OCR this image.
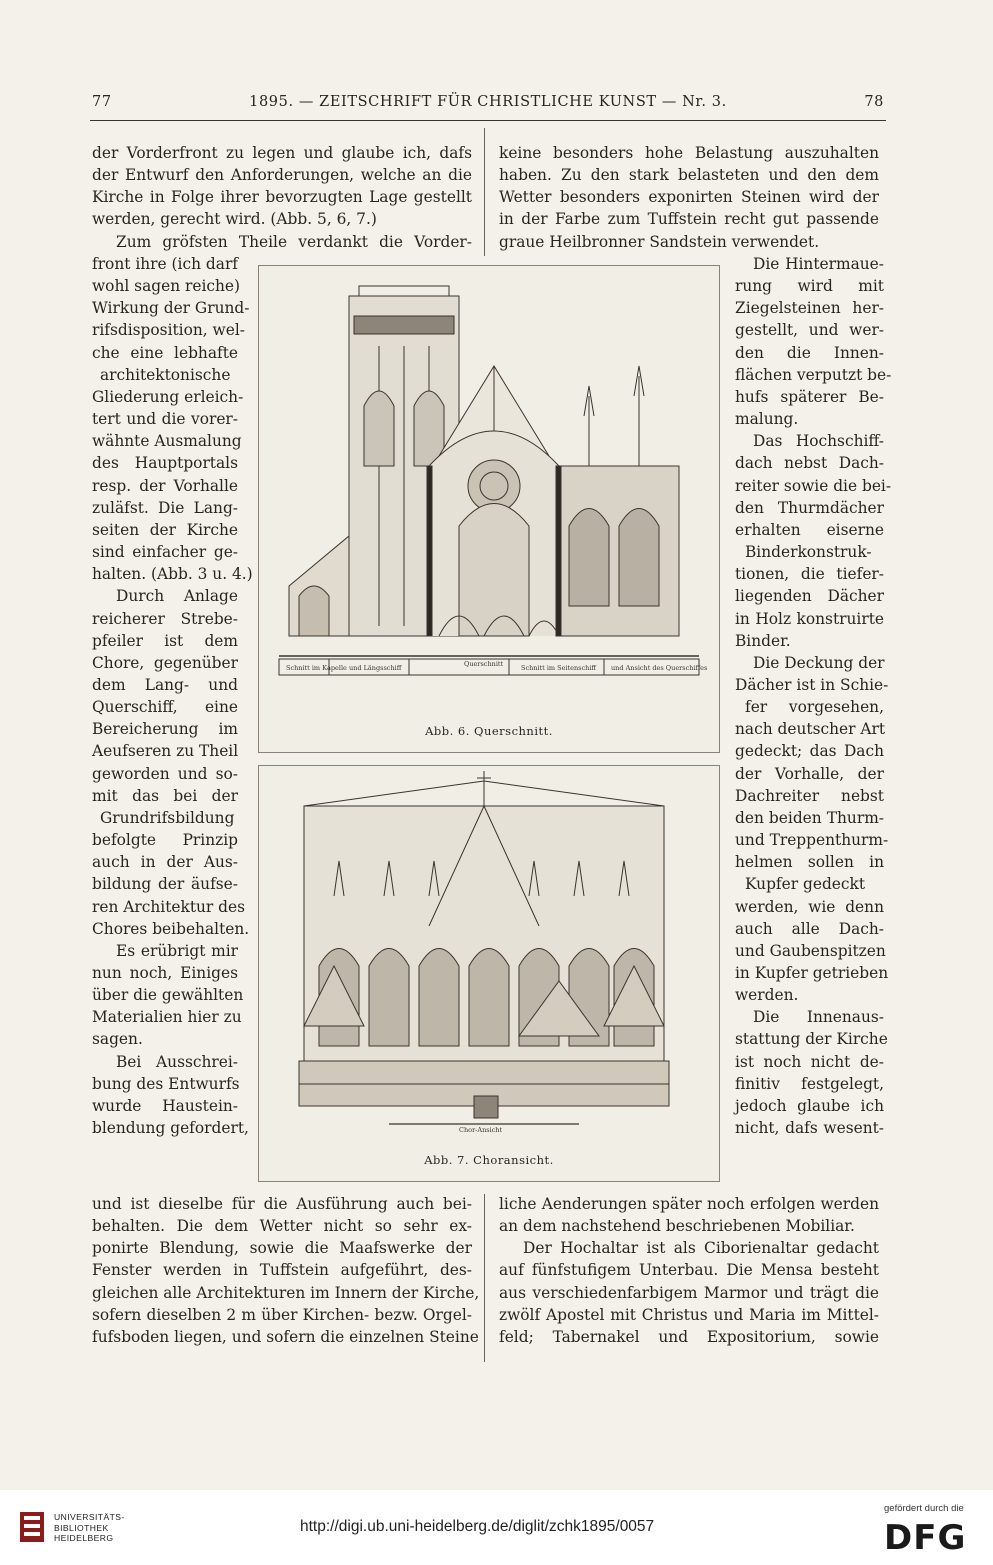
77	1895. — ZEITSCHRIFT FÜR CHRISTLICHE KUNST — Nr. 3.	78
der Vorderfront zu legen und glaube ich, dafs
der Entwurf den Anforderungen, welche an die
Kirche in Folge ihrer bevorzugten Lage gestellt
werden, gerecht wird. (Abb. 5, 6, 7.)
Zum gröfsten Theile verdankt die Vorder-
front ihre (ich darf
wohl sagen reiche)
Wirkung der Grund-
rifsdisposition, wel-
che eine lebhafte
architektonische
Gliederung erleich-
tert und die vorer-
wähnte Ausmalung
des Hauptportals
resp. der Vorhalle
zuläfst. Die Lang-
seiten der Kirche
sind einfacher ge-
halten. (Abb. 3 u. 4.)
Durch Anlage
reicherer Strebe-
pfeiler ist dem
Chore, gegenüber
dem Lang- und
Querschiff, eine
Bereicherung im
Aeufseren zu Theil
geworden und so-
mit das bei der
Grundrifsbildung
befolgte Prinzip
auch in der Aus-
bildung der äufse-
ren Architektur des
Chores beibehalten.
Es erübrigt mir
nun noch, Einiges
über die gewählten
Materialien hier zu
sagen.
Bei Ausschrei-
bung des Entwurfs
wurde Haustein-
blendung gefordert,
und ist dieselbe für die Ausführung auch bei-
behalten. Die dem Wetter nicht so sehr ex-
ponirte Blendung, sowie die Maafswerke der
Fenster werden in Tuffstein aufgeführt, des-
gleichen alle Architekturen im Innern der Kirche,
sofern dieselben 2 m über Kirchen- bezw. Orgel-
fufsboden liegen, und sofern die einzelnen Steine
keine besonders hohe Belastung auszuhalten
haben. Zu den stark belasteten und den dem
Wetter besonders exponirten Steinen wird der
in der Farbe zum Tuffstein recht gut passende
graue Heilbronner Sandstein verwendet.
Die Hintermaue-
rung wird mit
Ziegelsteinen her-
gestellt, und wer-
den die Innen-
flächen verputzt be-
hufs späterer Be-
malung.
Das Hochschiff-
dach nebst Dach-
reiter sowie die bei-
den Thurmdächer
erhalten eiserne
Binderkonstruk-
tionen, die tiefer-
liegenden Dächer
in Holz konstruirte
Binder.
Die Deckung der
Dächer ist in Schie-
fer vorgesehen,
nach deutscher Art
gedeckt; das Dach
der Vorhalle, der
Dachreiter nebst
den beiden Thurm-
und Treppenthurm-
helmen sollen in
Kupfer gedeckt
werden, wie denn
auch alle Dach-
und Gaubenspitzen
in Kupfer getrieben
werden.
Die Innenaus-
stattung der Kirche
ist noch nicht de-
finitiv festgelegt,
jedoch glaube ich
nicht, dafs wesent-
liche Aenderungen später noch erfolgen werden
an dem nachstehend beschriebenen Mobiliar.
Der Hochaltar ist als Ciborienaltar gedacht
auf fünfstufigem Unterbau. Die Mensa besteht
aus verschiedenfarbigem Marmor und trägt die
zwölf Apostel mit Christus und Maria im Mittel-
feld; Tabernakel und Expositorium, sowie
Schnitt im Kapelle und Längsschiff	Querschnitt	Schnitt im Seitenschiff und Ansicht des Querschiffes
Abb. 6. Querschnitt.
Chor-Ansicht
Abb. 7. Choransicht.
UNIVERSITÄTS-
BIBLIOTHEK
HEIDELBERG
http://digi.ub.uni-heidelberg.de/diglit/zchk1895/0057
gefördert durch die
DFG
